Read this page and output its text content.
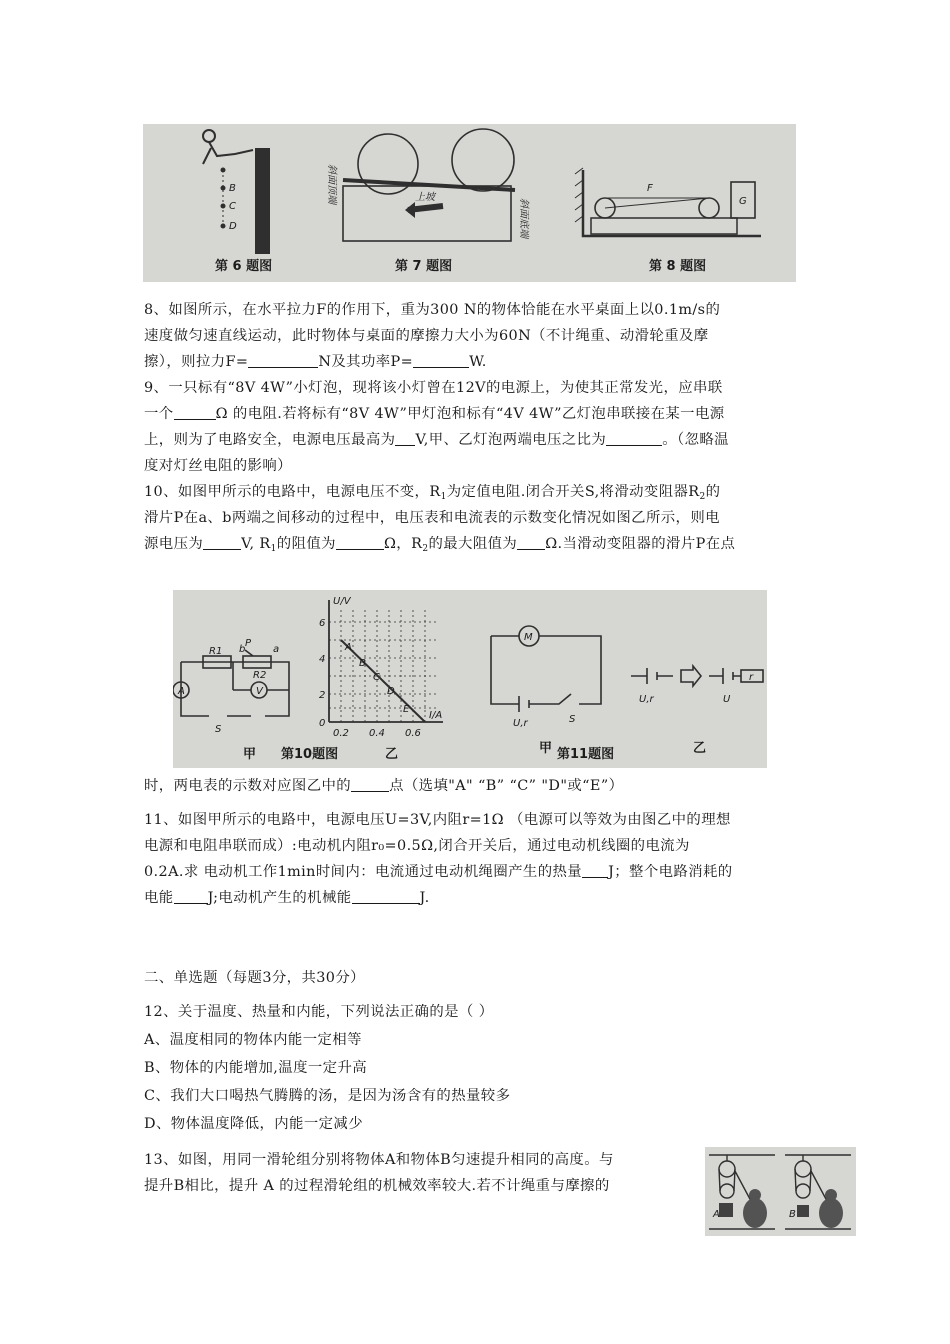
B
C
D
第 6 题图
上坡
斜面顶端
斜面底端
第 7 题图
G
F
第 8 题图
8、如图所示，在水平拉力F的作用下，重为300 N的物体恰能在水平桌面上以0.1m/s的
速度做匀速直线运动，此时物体与桌面的摩擦力大小为60N（不计绳重、动滑轮重及摩
擦），则拉力F=	N及其功率P=	W.
9、一只标有“8V 4W”小灯泡，现将该小灯曾在12V的电源上，为使其正常发光，应串联
一个	Ω 的电阻.若将标有“8V 4W”甲灯泡和标有“4V 4W”乙灯泡串联接在某一电源
上，则为了电路安全，电源电压最高为 V,甲、乙灯泡两端电压之比为	。（忽略温
度对灯丝电阻的影响）
10、如图甲所示的电路中，电源电压不变，$R_1$为定值电阻.闭合开关S,将滑动变阻器$R_2$的
滑片P在a、b两端之间移动的过程中，电压表和电流表的示数变化情况如图乙所示，则电
源电压为	V, $R_1$的阻值为	Ω，$R_2$的最大阻值为 Ω.当滑动变阻器的滑片P在点
R1
R2
P
a
b
A	V
S
甲 第10题图
U/V
I/A
2
4
6
0
0.2 0.4 0.6
A
B
C
D
E
乙
M
U,r	S
甲 第11题图
U,r	U
r
乙
时，两电表的示数对应图乙中的	点（选填"A" “B” “C” "D"或“E”）
11、如图甲所示的电路中，电源电压U=3V,内阻r=1Ω （电源可以等效为由图乙中的理想
电源和电阻串联而成）:电动机内阻r₀=0.5Ω,闭合开关后，通过电动机线圈的电流为
0.2A.求 电动机工作1min时间内：电流通过电动机绳圈产生的热量 J；整个电路消耗的
电能 J;电动机产生的机械能	J.
二、单选题（每题3分，共30分）
12、关于温度、热量和内能，下列说法正确的是（ ）
A、温度相同的物体内能一定相等
B、物体的内能增加,温度一定升高
C、我们大口喝热气腾腾的汤，是因为汤含有的热量较多
D、物体温度降低，内能一定减少
13、如图，用同一滑轮组分别将物体A和物体B匀速提升相同的高度。与
提升B相比，提升 A 的过程滑轮组的机械效率较大.若不计绳重与摩擦的
A	B
